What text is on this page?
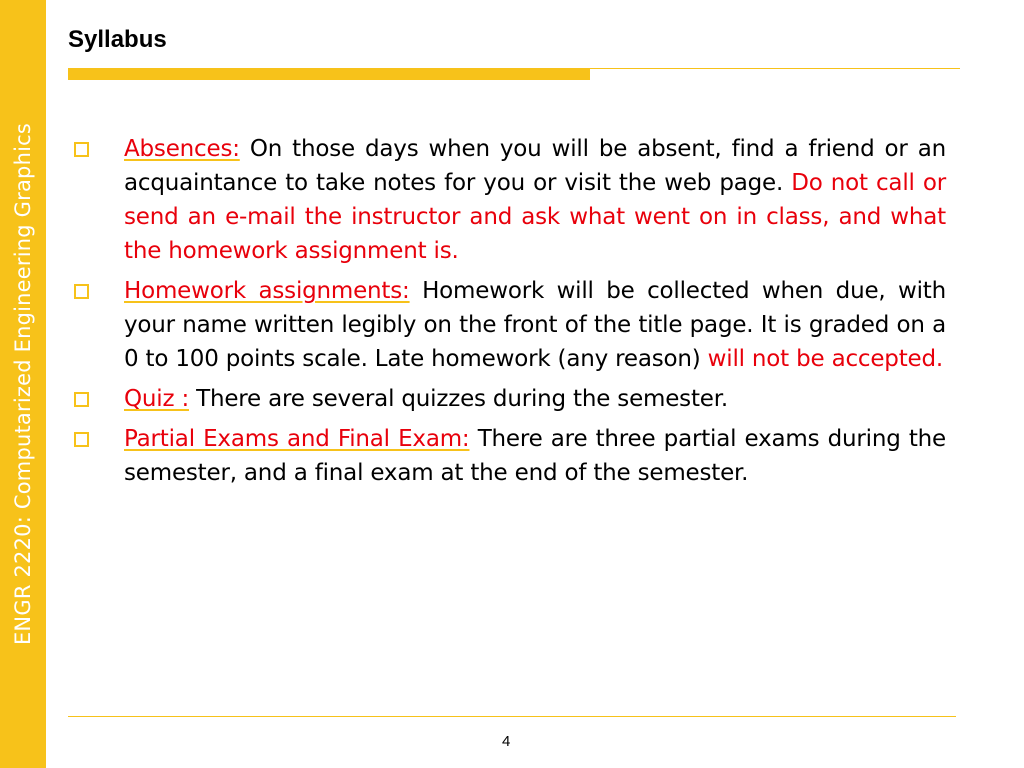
ENGR 2220: Computarized Engineering Graphics
Syllabus
Absences: On those days when you will be absent, find a friend or an acquaintance to take notes for you or visit the web page. Do not call or send an e-mail the instructor and ask what went on in class, and what the homework assignment is.
Homework assignments: Homework will be collected when due, with your name written legibly on the front of the title page. It is graded on a 0 to 100 points scale. Late homework (any reason) will not be accepted.
Quiz : There are several quizzes during the semester.
Partial Exams and Final Exam: There are three partial exams during the semester, and a final exam at the end of the semester.
4
